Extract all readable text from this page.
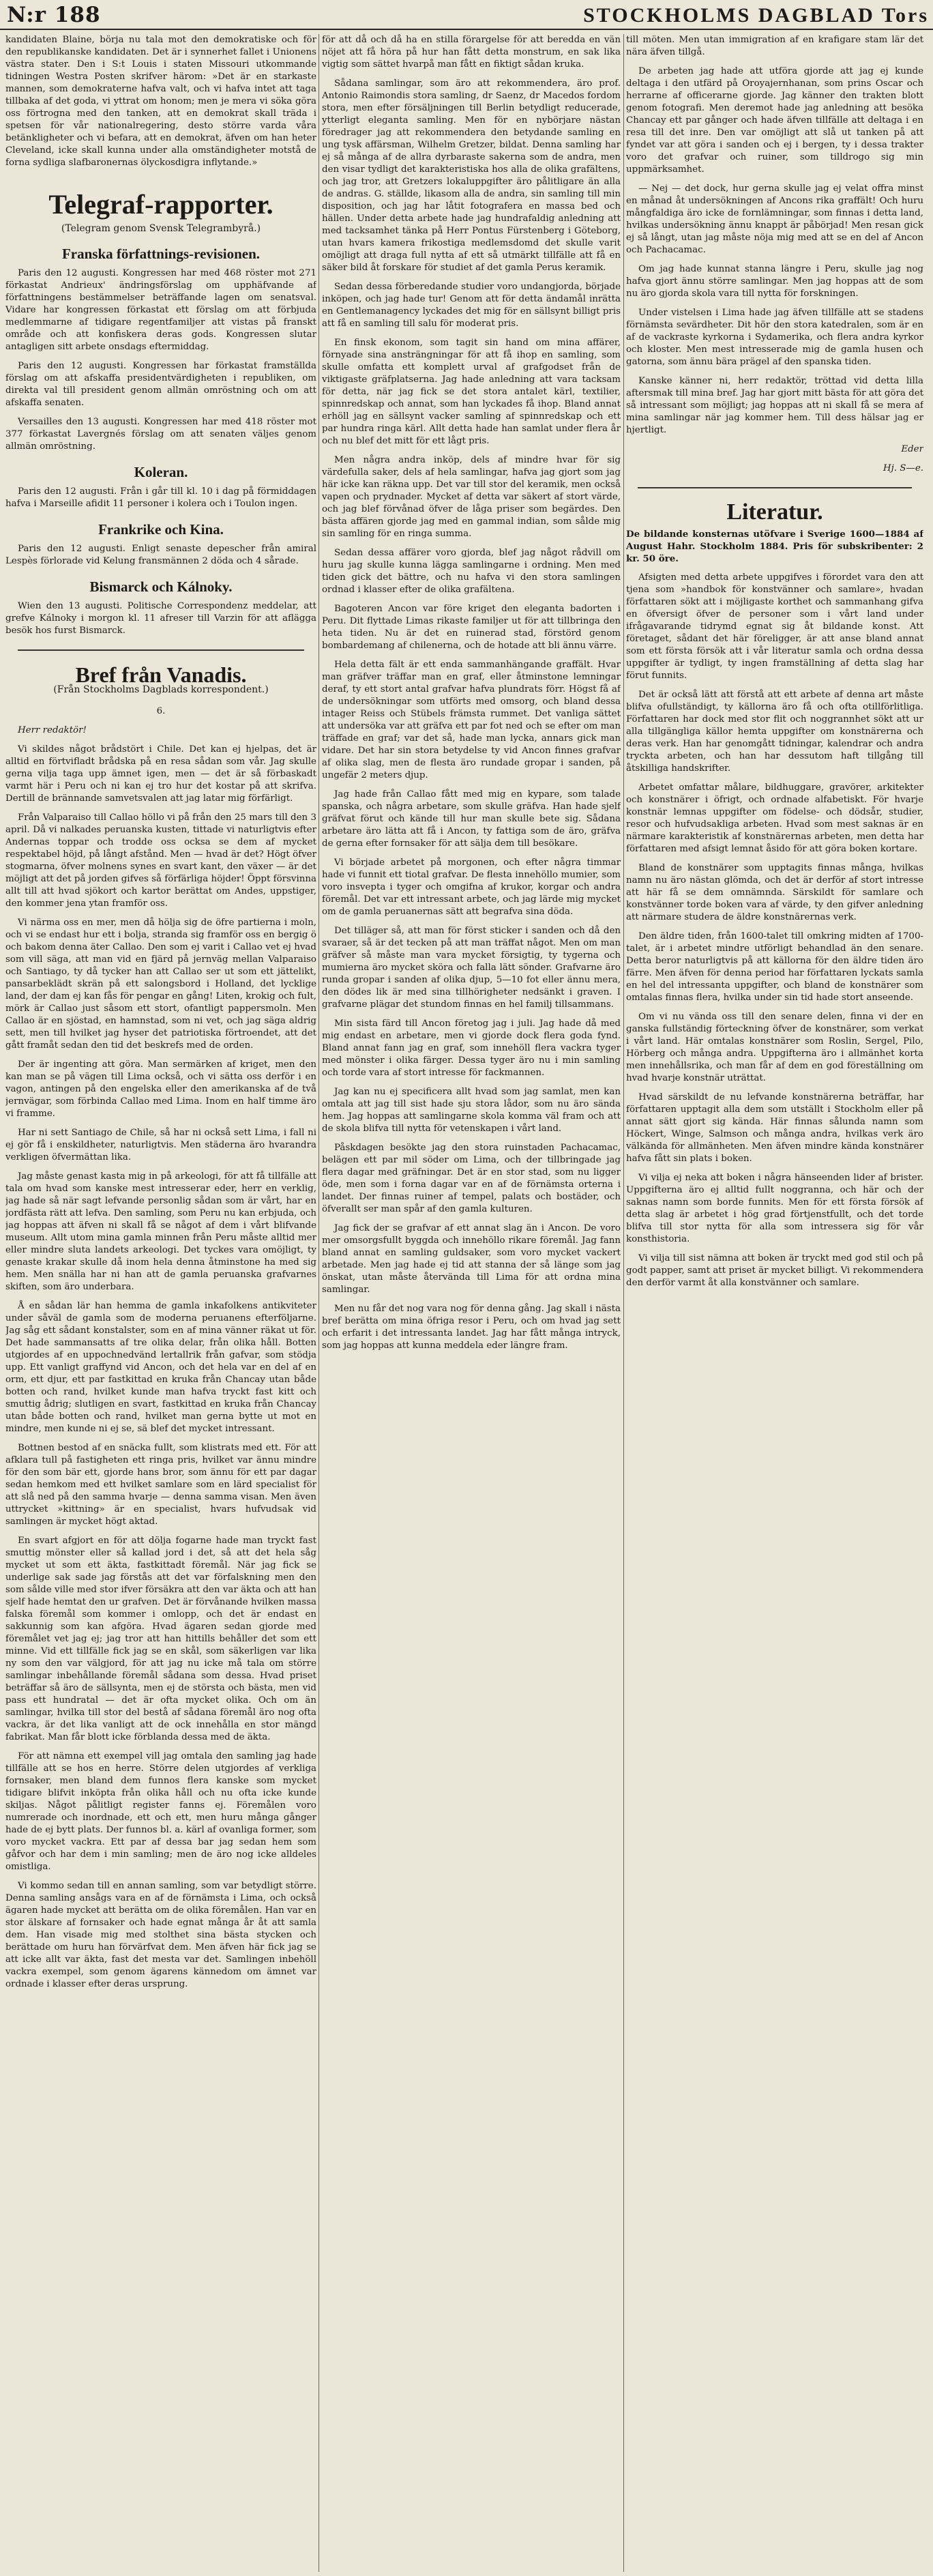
N:r 188	STOCKHOLMS DAGBLAD Tors

kandidaten Blaine, börja nu tala mot den demokratiske och för den republikanske kandidaten. Det är i synnerhet fallet i Unionens västra stater. Den i S:t Louis i staten Missouri utkommande tidningen Westra Posten skrifver härom: »Det är en starkaste mannen, som demokraterne hafva valt, och vi hafva intet att taga tillbaka af det goda, vi yttrat om honom; men je mera vi söka göra oss förtrogna med den tanken, att en demokrat skall träda i spetsen för vår nationalregering, desto större varda våra betänkligheter och vi befara, att en demokrat, äfven om han heter Cleveland, icke skall kunna under alla omständigheter motstå de forna sydliga slafbaronernas ölyckosdigra inflytande.»

Telegraf-rapporter.
(Telegram genom Svensk Telegrambyrå.)
Franska författnings-revisionen.

Paris den 12 augusti. Kongressen har med 468 röster mot 271 förkastat Andrieux' ändringsförslag om upphäfvande af författningens bestämmelser beträffande lagen om senatsval. Vidare har kongressen förkastat ett förslag om att förbjuda medlemmarne af tidigare regentfamiljer att vistas på franskt område och att konfiskera deras gods. Kongressen slutar antagligen sitt arbete onsdags eftermiddag.

Paris den 12 augusti. Kongressen har förkastat framställda förslag om att afskaffa presidentvärdigheten i republiken, om direkta val till president genom allmän omröstning och om att afskaffa senaten.

Versailles den 13 augusti. Kongressen har med 418 röster mot 377 förkastat Lavergnés förslag om att senaten väljes genom allmän omröstning.

Koleran.

Paris den 12 augusti. Från i går till kl. 10 i dag på förmiddagen hafva i Marseille afidit 11 personer i kolera och i Toulon ingen.

Frankrike och Kina.

Paris den 12 augusti. Enligt senaste depescher från amiral Lespès förlorade vid Kelung fransmännen 2 döda och 4 sårade.

Bismarck och Kálnoky.

Wien den 13 augusti. Politische Correspondenz meddelar, att grefve Kálnoky i morgon kl. 11 afreser till Varzin för att aflägga besök hos furst Bismarck.

Bref från Vanadis.
(Från Stockholms Dagblads korrespondent.)

6.

Herr redaktör!

Vi skildes något brådstört i Chile. Det kan ej hjelpas, det är alltid en förtvifladt brådska på en resa sådan som vår. Jag skulle gerna vilja taga upp ämnet igen, men — det är så förbaskadt varmt här i Peru och ni kan ej tro hur det kostar på att skrifva. Dertill de brännande samvetsvalen att jag latar mig förfärligt.

Från Valparaiso till Callao höllo vi på från den 25 mars till den 3 april. Då vi nalkades peruanska kusten, tittade vi naturligtvis efter Andernas toppar och trodde oss ocksa se dem af mycket respektabel höjd, på långt afstånd. Men — hvad är det? Högt öfver stogmarna, öfver molnens synes en svart kant, den växer — är det möjligt att det på jorden gifves så förfärliga höjder! Öppt försvinna allt till att hvad sjökort och kartor berättat om Andes, uppstiger, den kommer jena ytan framför oss.

Vi närma oss en mer, men då hölja sig de öfre partierna i moln, och vi se endast hur ett i bolja, stranda sig framför oss en bergig ö och bakom denna äter Callao. Den som ej varit i Callao vet ej hvad som vill säga, att man vid en fjärd på jernväg mellan Valparaiso och Santiago, ty då tycker han att Callao ser ut som ett jättelikt, pansarbeklädt skrän på ett salongsbord i Holland, det lycklige land, der dam ej kan fås för pengar en gång! Liten, krokig och fult, mörk är Callao just såsom ett stort, ofantligt pappersmoln. Men Callao är en sjöstad, en hamnstad, som ni vet, och jag säga aldrig sett, men till hvilket jag hyser det patriotiska förtroendet, att det gått framåt sedan den tid det beskrefs med de orden.

Der är ingenting att göra. Man sermärken af kriget, men den kan man se på vägen till Lima också, och vi sätta oss derför i en vagon, antingen på den engelska eller den amerikanska af de två jernvägar, som förbinda Callao med Lima. Inom en half timme äro vi framme.

Har ni sett Santiago de Chile, så har ni också sett Lima, i fall ni ej gör få i enskildheter, naturligtvis. Men städerna äro hvarandra verkligen öfvermättan lika.

Jag måste genast kasta mig in på arkeologi, för att få tillfälle att tala om hvad som kanske mest intresserar eder, herr en verklig, jag hade så när sagt lefvande personlig sådan som är vårt, har en jordfästa rätt att lefva. Den samling, som Peru nu kan erbjuda, och jag hoppas att äfven ni skall få se något af dem i vårt blifvande museum. Allt utom mina gamla minnen från Peru måste alltid mer eller mindre sluta landets arkeologi. Det tyckes vara omöjligt, ty genaste krakar skulle då inom hela denna åtminstone ha med sig hem. Men snälla har ni han att de gamla peruanska grafvarnes skiften, som äro underbara.

Å en sådan lär han hemma de gamla inkafolkens antikviteter under såväl de gamla som de moderna peruanens efterföljarne. Jag såg ett sådant konstalster, som en af mina vänner räkat ut för. Det hade sammansatts af tre olika delar, från olika håll. Botten utgjordes af en uppochnedvänd lertallrik från gafvar, som stödja upp. Ett vanligt graffynd vid Ancon, och det hela var en del af en orm, ett djur, ett par fastkittad en kruka från Chancay utan både botten och rand, hvilket kunde man hafva tryckt fast kitt och smuttig ådrig; slutligen en svart, fastkittad en kruka från Chancay utan både botten och rand, hvilket man gerna bytte ut mot en mindre, men kunde ni ej se, sä blef det mycket intressant.

Bottnen bestod af en snäcka fullt, som klistrats med ett. För att afklara tull på fastigheten ett ringa pris, hvilket var ännu mindre för den som bär ett, gjorde hans bror, som ännu för ett par dagar sedan hemkom med ett hvilket samlare som en lärd specialist för att slå ned på den samma hvarje — denna samma visan. Men även uttrycket »kittning» är en specialist, hvars hufvudsak vid samlingen är mycket högt aktad.

En svart afgjort en för att dölja fogarne hade man tryckt fast smuttig mönster eller så kallad jord i det, så att det hela såg mycket ut som ett äkta, fastkittadt föremål. När jag fick se underlige sak sade jag förstås att det var förfalskning men den som sålde ville med stor ifver försäkra att den var äkta och att han sjelf hade hemtat den ur grafven. Det är förvånande hvilken massa falska föremål som kommer i omlopp, och det är endast en sakkunnig som kan afgöra. Hvad ägaren sedan gjorde med föremålet vet jag ej; jag tror att han hittills behåller det som ett minne. Vid ett tillfälle fick jag se en skål, som säkerligen var lika ny som den var välgjord, för att jag nu icke må tala om större samlingar inbehållande föremål sådana som dessa. Hvad priset beträffar så äro de sällsynta, men ej de största och bästa, men vid pass ett hundratal — det är ofta mycket olika. Och om än samlingar, hvilka till stor del bestå af sådana föremål äro nog ofta vackra, är det lika vanligt att de ock innehålla en stor mängd fabrikat. Man får blott icke förblanda dessa med de äkta.

För att nämna ett exempel vill jag omtala den samling jag hade tillfälle att se hos en herre. Större delen utgjordes af verkliga fornsaker, men bland dem funnos flera kanske som mycket tidigare blifvit inköpta från olika håll och nu ofta icke kunde skiljas. Något pålitligt register fanns ej. Föremålen voro numrerade och inordnade, ett och ett, men huru många gånger hade de ej bytt plats. Der funnos bl. a. kärl af ovanliga former, som voro mycket vackra. Ett par af dessa bar jag sedan hem som gåfvor och har dem i min samling; men de äro nog icke alldeles omistliga.

Vi kommo sedan till en annan samling, som var betydligt större. Denna samling ansågs vara en af de förnämsta i Lima, och också ägaren hade mycket att berätta om de olika föremålen. Han var en stor älskare af fornsaker och hade egnat många år åt att samla dem. Han visade mig med stolthet sina bästa stycken och berättade om huru han förvärfvat dem. Men äfven här fick jag se att icke allt var äkta, fast det mesta var det. Samlingen inbehöll vackra exempel, som genom ägarens kännedom om ämnet var ordnade i klasser efter deras ursprung.

för att då och då ha en stilla förargelse för att beredda en vän nöjet att få höra på hur han fått detta monstrum, en sak lika vigtig som sättet hvarpå man fått en fiktigt sådan kruka.

Sådana samlingar, som äro att rekommendera, äro prof. Antonio Raimondis stora samling, dr Saenz, dr Macedos fordom stora, men efter försäljningen till Berlin betydligt reducerade, ytterligt eleganta samling. Men för en nybörjare nästan föredrager jag att rekommendera den betydande samling en ung tysk affärsman, Wilhelm Gretzer, bildat. Denna samling har ej så många af de allra dyrbaraste sakerna som de andra, men den visar tydligt det karakteristiska hos alla de olika grafältens, och jag tror, att Gretzers lokaluppgifter äro pålitligare än alla de andras. G. ställde, likasom alla de andra, sin samling till min disposition, och jag har låtit fotografera en massa bed och hällen. Under detta arbete hade jag hundrafaldig anledning att med tacksamhet tänka på Herr Pontus Fürstenberg i Göteborg, utan hvars kamera frikostiga medlemsdomd det skulle varit omöjligt att draga full nytta af ett så utmärkt tillfälle att få en säker bild åt forskare för studiet af det gamla Perus keramik.

Sedan dessa förberedande studier voro undangjorda, började inköpen, och jag hade tur! Genom att för detta ändamål inrätta en Gentlemanagency lyckades det mig för en sällsynt billigt pris att få en samling till salu för moderat pris.

En finsk ekonom, som tagit sin hand om mina affärer, förnyade sina ansträngningar för att få ihop en samling, som skulle omfatta ett komplett urval af grafgodset från de viktigaste gräfplatserna. Jag hade anledning att vara tacksam för detta, när jag fick se det stora antalet kärl, textilier, spinnredskap och annat, som han lyckades få ihop. Bland annat erhöll jag en sällsynt vacker samling af spinnredskap och ett par hundra ringa kärl. Allt detta hade han samlat under flera år och nu blef det mitt för ett lågt pris.

Men några andra inköp, dels af mindre hvar för sig värdefulla saker, dels af hela samlingar, hafva jag gjort som jag här icke kan räkna upp. Det var till stor del keramik, men också vapen och prydnader. Mycket af detta var säkert af stort värde, och jag blef förvånad öfver de låga priser som begärdes. Den bästa affären gjorde jag med en gammal indian, som sålde mig sin samling för en ringa summa.

Sedan dessa affärer voro gjorda, blef jag något rådvill om huru jag skulle kunna lägga samlingarne i ordning. Men med tiden gick det bättre, och nu hafva vi den stora samlingen ordnad i klasser efter de olika grafältena.

Bagoteren Ancon var före kriget den eleganta badorten i Peru. Dit flyttade Limas rikaste familjer ut för att tillbringa den heta tiden. Nu är det en ruinerad stad, förstörd genom bombardemang af chilenerna, och de hotade att bli ännu värre.

Hela detta fält är ett enda sammanhängande graffält. Hvar man gräfver träffar man en graf, eller åtminstone lemningar deraf, ty ett stort antal grafvar hafva plundrats förr. Högst få af de undersökningar som utförts med omsorg, och bland dessa intager Reiss och Stübels främsta rummet. Det vanliga sättet att undersöka var att gräfva ett par fot ned och se efter om man träffade en graf; var det så, hade man lycka, annars gick man vidare. Det har sin stora betydelse ty vid Ancon finnes grafvar af olika slag, men de flesta äro rundade gropar i sanden, på ungefär 2 meters djup.

Jag hade från Callao fått med mig en kypare, som talade spanska, och några arbetare, som skulle gräfva. Han hade sjelf gräfvat förut och kände till hur man skulle bete sig. Sådana arbetare äro lätta att få i Ancon, ty fattiga som de äro, gräfva de gerna efter fornsaker för att sälja dem till besökare.

Vi började arbetet på morgonen, och efter några timmar hade vi funnit ett tiotal grafvar. De flesta innehöllo mumier, som voro insvepta i tyger och omgifna af krukor, korgar och andra föremål. Det var ett intressant arbete, och jag lärde mig mycket om de gamla peruanernas sätt att begrafva sina döda.

Det tilläger så, att man för först sticker i sanden och då den svaraer, så är det tecken på att man träffat något. Men om man gräfver så måste man vara mycket försigtig, ty tygerna och mumierna äro mycket sköra och falla lätt sönder. Grafvarne äro runda gropar i sanden af olika djup, 5—10 fot eller ännu mera, den dödes lik är med sina tillhörigheter nedsänkt i graven. I grafvarne plägar det stundom finnas en hel familj tillsammans.

Min sista färd till Ancon företog jag i juli. Jag hade då med mig endast en arbetare, men vi gjorde dock flera goda fynd. Bland annat fann jag en graf, som innehöll flera vackra tyger med mönster i olika färger. Dessa tyger äro nu i min samling och torde vara af stort intresse för fackmannen.

Jag kan nu ej specificera allt hvad som jag samlat, men kan omtala att jag till sist hade sju stora lådor, som nu äro sända hem. Jag hoppas att samlingarne skola komma väl fram och att de skola blifva till nytta för vetenskapen i vårt land.

Påskdagen besökte jag den stora ruinstaden Pachacamac, belägen ett par mil söder om Lima, och der tillbringade jag flera dagar med gräfningar. Det är en stor stad, som nu ligger öde, men som i forna dagar var en af de förnämsta orterna i landet. Der finnas ruiner af tempel, palats och bostäder, och öfverallt ser man spår af den gamla kulturen.

Jag fick der se grafvar af ett annat slag än i Ancon. De voro mer omsorgsfullt byggda och innehöllo rikare föremål. Jag fann bland annat en samling guldsaker, som voro mycket vackert arbetade. Men jag hade ej tid att stanna der så länge som jag önskat, utan måste återvända till Lima för att ordna mina samlingar.

Men nu får det nog vara nog för denna gång. Jag skall i nästa bref berätta om mina öfriga resor i Peru, och om hvad jag sett och erfarit i det intressanta landet. Jag har fått många intryck, som jag hoppas att kunna meddela eder längre fram.

till möten. Men utan immigration af en krafigare stam lär det nära äfven tillgå.

De arbeten jag hade att utföra gjorde att jag ej kunde deltaga i den utfärd på Oroyajernhanan, som prins Oscar och herrarne af officerarne gjorde. Jag känner den trakten blott genom fotografi. Men deremot hade jag anledning att besöka Chancay ett par gånger och hade äfven tillfälle att deltaga i en resa till det inre. Den var omöjligt att slå ut tanken på att fyndet var att göra i sanden och ej i bergen, ty i dessa trakter voro det grafvar och ruiner, som tilldrogo sig min uppmärksamhet.

— Nej — det dock, hur gerna skulle jag ej velat offra minst en månad åt undersökningen af Ancons rika graffält! Och huru mångfaldiga äro icke de fornlämningar, som finnas i detta land, hvilkas undersökning ännu knappt är påbörjad! Men resan gick ej så långt, utan jag måste nöja mig med att se en del af Ancon och Pachacamac.

Om jag hade kunnat stanna längre i Peru, skulle jag nog hafva gjort ännu större samlingar. Men jag hoppas att de som nu äro gjorda skola vara till nytta för forskningen.

Under vistelsen i Lima hade jag äfven tillfälle att se stadens förnämsta sevärdheter. Dit hör den stora katedralen, som är en af de vackraste kyrkorna i Sydamerika, och flera andra kyrkor och kloster. Men mest intresserade mig de gamla husen och gatorna, som ännu bära prägel af den spanska tiden.

Kanske känner ni, herr redaktör, tröttad vid detta lilla aftersmak till mina bref. Jag har gjort mitt bästa för att göra det så intressant som möjligt; jag hoppas att ni skall få se mera af mina samlingar när jag kommer hem. Till dess hälsar jag er hjertligt.

Eder

Hj. S—e.

Literatur.

De bildande konsternas utöfvare i Sverige 1600—1884 af August Hahr. Stockholm 1884. Pris för subskribenter: 2 kr. 50 öre.

Afsigten med detta arbete uppgifves i förordet vara den att tjena som »handbok för konstvänner och samlare», hvadan författaren sökt att i möjligaste korthet och sammanhang gifva en öfversigt öfver de personer som i vårt land under ifrågavarande tidrymd egnat sig åt bildande konst. Att företaget, sådant det här föreligger, är att anse bland annat som ett första försök att i vår literatur samla och ordna dessa uppgifter är tydligt, ty ingen framställning af detta slag har förut funnits.

Det är också lätt att förstå att ett arbete af denna art måste blifva ofullständigt, ty källorna äro få och ofta otillförlitliga. Författaren har dock med stor flit och noggrannhet sökt att ur alla tillgängliga källor hemta uppgifter om konstnärerna och deras verk. Han har genomgått tidningar, kalendrar och andra tryckta arbeten, och han har dessutom haft tillgång till åtskilliga handskrifter.

Arbetet omfattar målare, bildhuggare, gravörer, arkitekter och konstnärer i öfrigt, och ordnade alfabetiskt. För hvarje konstnär lemnas uppgifter om födelse- och dödsår, studier, resor och hufvudsakliga arbeten. Hvad som mest saknas är en närmare karakteristik af konstnärernas arbeten, men detta har författaren med afsigt lemnat åsido för att göra boken kortare.

Bland de konstnärer som upptagits finnas många, hvilkas namn nu äro nästan glömda, och det är derför af stort intresse att här få se dem omnämnda. Särskildt för samlare och konstvänner torde boken vara af värde, ty den gifver anledning att närmare studera de äldre konstnärernas verk.

Den äldre tiden, från 1600-talet till omkring midten af 1700-talet, är i arbetet mindre utförligt behandlad än den senare. Detta beror naturligtvis på att källorna för den äldre tiden äro färre. Men äfven för denna period har författaren lyckats samla en hel del intressanta uppgifter, och bland de konstnärer som omtalas finnas flera, hvilka under sin tid hade stort anseende.

Om vi nu vända oss till den senare delen, finna vi der en ganska fullständig förteckning öfver de konstnärer, som verkat i vårt land. Här omtalas konstnärer som Roslin, Sergel, Pilo, Hörberg och många andra. Uppgifterna äro i allmänhet korta men innehållsrika, och man får af dem en god föreställning om hvad hvarje konstnär uträttat.

Hvad särskildt de nu lefvande konstnärerna beträffar, har författaren upptagit alla dem som utställt i Stockholm eller på annat sätt gjort sig kända. Här finnas sålunda namn som Höckert, Winge, Salmson och många andra, hvilkas verk äro välkända för allmänheten. Men äfven mindre kända konstnärer hafva fått sin plats i boken.

Vi vilja ej neka att boken i några hänseenden lider af brister. Uppgifterna äro ej alltid fullt noggranna, och här och der saknas namn som borde funnits. Men för ett första försök af detta slag är arbetet i hög grad förtjenstfullt, och det torde blifva till stor nytta för alla som intressera sig för vår konsthistoria.

Vi vilja till sist nämna att boken är tryckt med god stil och på godt papper, samt att priset är mycket billigt. Vi rekommendera den derför varmt åt alla konstvänner och samlare.
